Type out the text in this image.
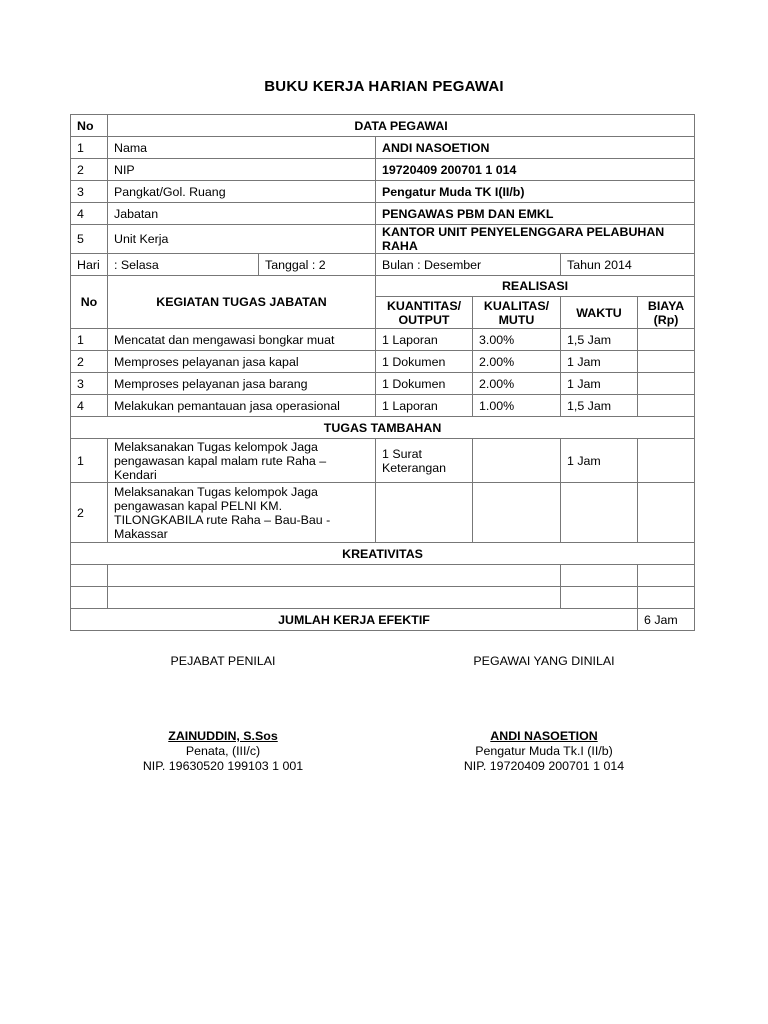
BUKU KERJA HARIAN PEGAWAI
No	DATA PEGAWAI					
1	Nama		ANDI NASOETION			
2	NIP		19720409 200701 1 014			
3	Pangkat/Gol. Ruang		Pengatur Muda TK I(II/b)			
4	Jabatan		PENGAWAS PBM DAN EMKL			
5	Unit Kerja		KANTOR UNIT PENYELENGGARA PELABUHAN RAHA			
Hari	: Selasa	Tanggal : 2	Bulan : Desember		Tahun 2014	
No	KEGIATAN TUGAS JABATAN		REALISASI			
			KUANTITAS/ OUTPUT	KUALITAS/ MUTU	WAKTU	BIAYA (Rp)
1	Mencatat dan mengawasi bongkar muat		1 Laporan	3.00%	1,5 Jam	
2	Memproses pelayanan jasa kapal		1 Dokumen	2.00%	1 Jam	
3	Memproses pelayanan jasa barang		1 Dokumen	2.00%	1 Jam	
4	Melakukan pemantauan jasa operasional		1 Laporan	1.00%	1,5 Jam	
TUGAS TAMBAHAN						
1	Melaksanakan Tugas kelompok Jaga pengawasan kapal malam rute Raha – Kendari		1 Surat Keterangan		1 Jam	
2	Melaksanakan Tugas kelompok Jaga pengawasan kapal PELNI KM. TILONGKABILA rute Raha – Bau-Bau - Makassar					
KREATIVITAS						

JUMLAH KERJA EFEKTIF						6 Jam
PEJABAT PENILAI
ZAINUDDIN, S.Sos
Penata, (III/c)
NIP. 19630520 199103 1 001
PEGAWAI YANG DINILAI
ANDI NASOETION
Pengatur Muda Tk.I (II/b)
NIP. 19720409 200701 1 014
